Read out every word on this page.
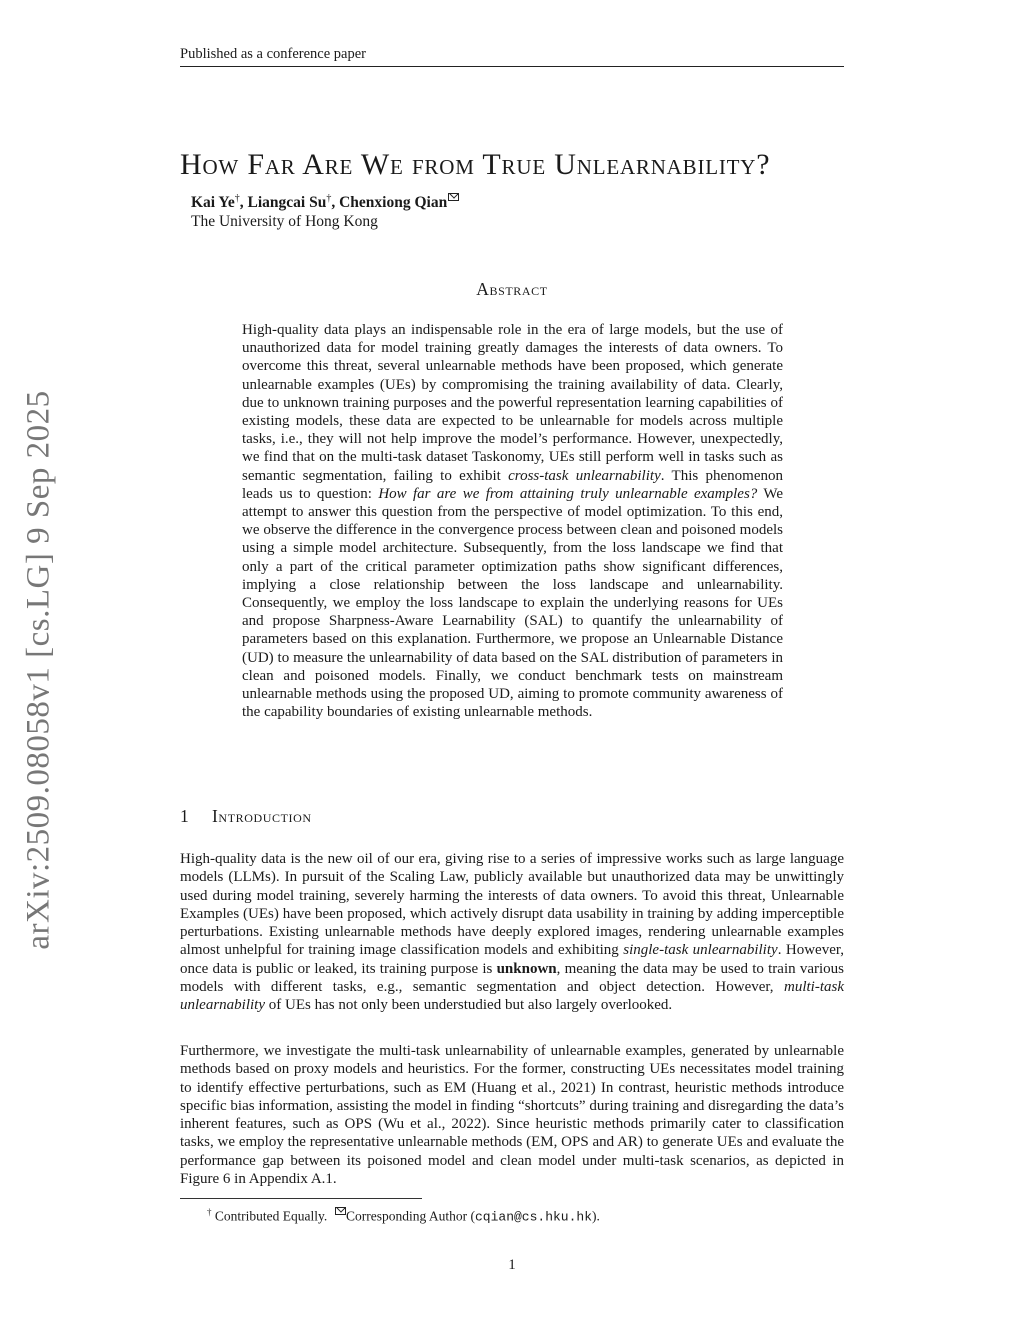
Published as a conference paper
arXiv:2509.08058v1 [cs.LG] 9 Sep 2025
How Far Are We from True Unlearnability?
Kai Ye†, Liangcai Su†, Chenxiong Qian
The University of Hong Kong
Abstract

High-quality data plays an indispensable role in the era of large models, but the use of unauthorized data for model training greatly damages the interests of data owners. To overcome this threat, several unlearnable methods have been proposed, which generate unlearnable examples (UEs) by compromising the training availability of data. Clearly, due to unknown training purposes and the powerful representation learning capabilities of existing models, these data are expected to be unlearnable for models across multiple tasks, i.e., they will not help improve the model’s performance. However, unexpectedly, we find that on the multi-task dataset Taskonomy, UEs still perform well in tasks such as semantic segmentation, failing to exhibit cross-task unlearnability. This phenomenon leads us to question: How far are we from attaining truly unlearnable examples? We attempt to answer this question from the perspective of model optimization. To this end, we observe the difference in the convergence process between clean and poisoned models using a simple model architecture. Subsequently, from the loss landscape we find that only a part of the critical parameter optimization paths show significant differences, implying a close relationship between the loss landscape and unlearnability. Consequently, we employ the loss landscape to explain the underlying reasons for UEs and propose Sharpness-Aware Learnability (SAL) to quantify the unlearnability of parameters based on this explanation. Furthermore, we propose an Unlearnable Distance (UD) to measure the unlearnability of data based on the SAL distribution of parameters in clean and poisoned models. Finally, we conduct benchmark tests on mainstream unlearnable methods using the proposed UD, aiming to promote community awareness of the capability boundaries of existing unlearnable methods.

1 Introduction

High-quality data is the new oil of our era, giving rise to a series of impressive works such as large language models (LLMs). In pursuit of the Scaling Law, publicly available but unauthorized data may be unwittingly used during model training, severely harming the interests of data owners. To avoid this threat, Unlearnable Examples (UEs) have been proposed, which actively disrupt data usability in training by adding imperceptible perturbations. Existing unlearnable methods have deeply explored images, rendering unlearnable examples almost unhelpful for training image classification models and exhibiting single-task unlearnability. However, once data is public or leaked, its training purpose is unknown, meaning the data may be used to train various models with different tasks, e.g., semantic segmentation and object detection. However, multi-task unlearnability of UEs has not only been understudied but also largely overlooked.

Furthermore, we investigate the multi-task unlearnability of unlearnable examples, generated by unlearnable methods based on proxy models and heuristics. For the former, constructing UEs necessitates model training to identify effective perturbations, such as EM (Huang et al., 2021) In contrast, heuristic methods introduce specific bias information, assisting the model in finding “shortcuts” during training and disregarding the data’s inherent features, such as OPS (Wu et al., 2022). Since heuristic methods primarily cater to classification tasks, we employ the representative unlearnable methods (EM, OPS and AR) to generate UEs and evaluate the performance gap between its poisoned model and clean model under multi-task scenarios, as depicted in Figure 6 in Appendix A.1.

† Contributed Equally. Corresponding Author (cqian@cs.hku.hk).
1
